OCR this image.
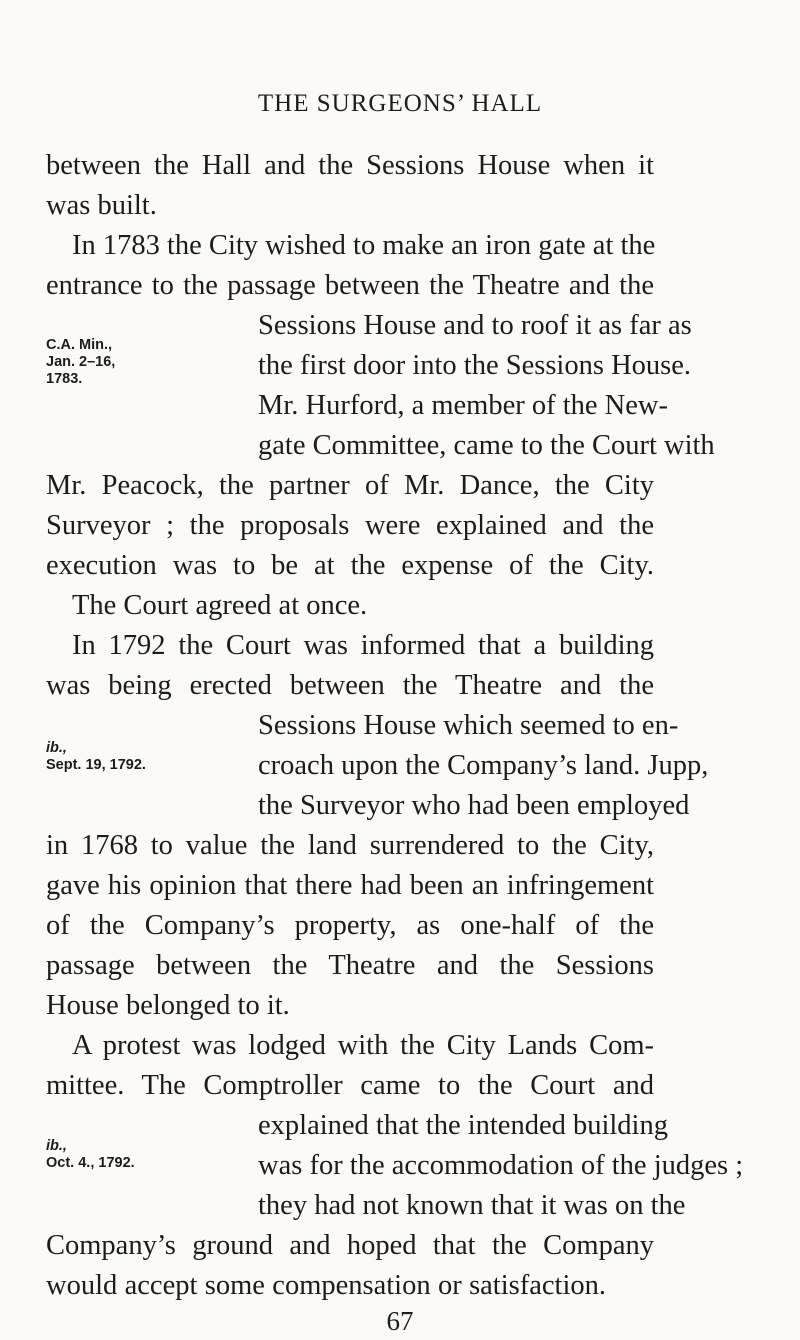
THE SURGEONS’ HALL
between the Hall and the Sessions House when it
was built.
In 1783 the City wished to make an iron gate at the
entrance to the passage between the Theatre and the
Sessions House and to roof it as far as
the first door into the Sessions House.
Mr. Hurford, a member of the New-
gate Committee, came to the Court with
Mr. Peacock, the partner of Mr. Dance, the City
Surveyor ; the proposals were explained and the
execution was to be at the expense of the City.
The Court agreed at once.
In 1792 the Court was informed that a building
was being erected between the Theatre and the
Sessions House which seemed to en-
croach upon the Company’s land. Jupp,
the Surveyor who had been employed
in 1768 to value the land surrendered to the City,
gave his opinion that there had been an infringement
of the Company’s property, as one-half of the
passage between the Theatre and the Sessions
House belonged to it.
A protest was lodged with the City Lands Com-
mittee. The Comptroller came to the Court and
explained that the intended building
was for the accommodation of the judges ;
they had not known that it was on the
Company’s ground and hoped that the Company
would accept some compensation or satisfaction.
C.A. Min.,
Jan. 2–16,
1783.
ib.,
Sept. 19, 1792.
ib.,
Oct. 4., 1792.
67
